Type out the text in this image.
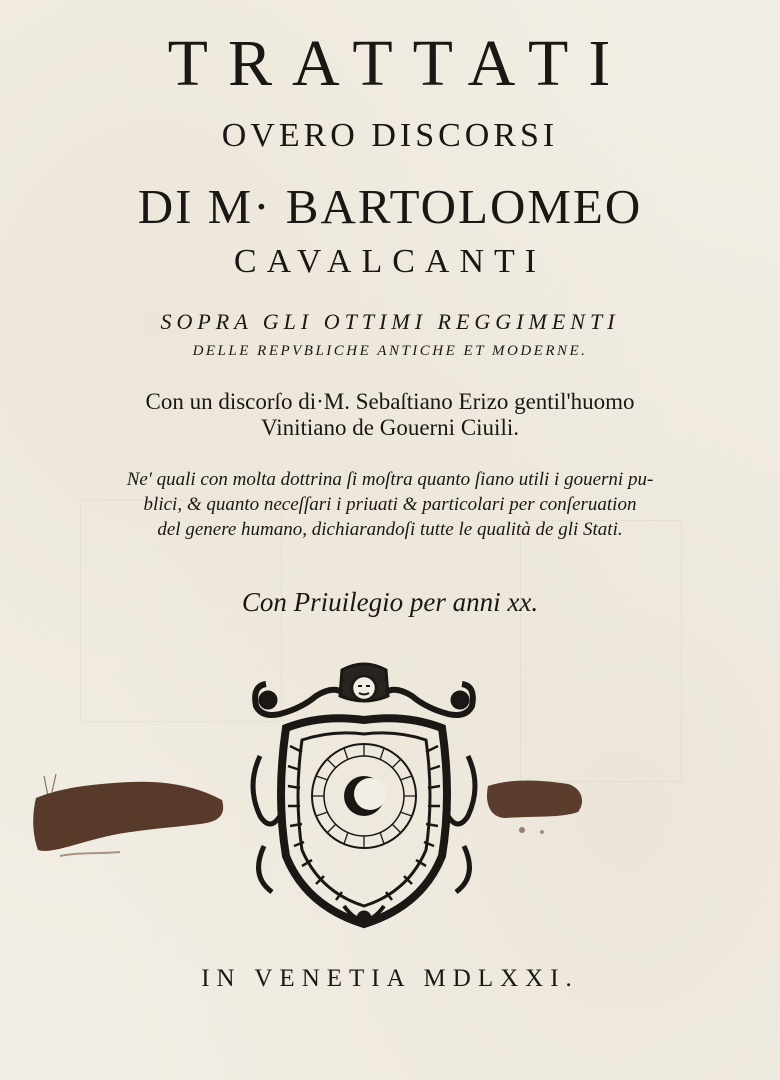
TRATTATI
OVERO DISCORSI
DI M· BARTOLOMEO
CAVALCANTI
SOPRA GLI OTTIMI REGGIMENTI
DELLE REPVBLICHE ANTICHE ET MODERNE.
Con un discorſo di·M. Sebaſtiano Erizo gentil'huomo
Vinitiano de Gouerni Ciuili.
Ne' quali con molta dottrina ſi moſtra quanto ſiano utili i gouerni pu-
blici, & quanto neceſſari i priuati & particolari per conſeruation
del genere humano, dichiarandoſi tutte le qualità de gli Stati.
Con Priuilegio per anni xx.
IN VENETIA MDLXXI.
